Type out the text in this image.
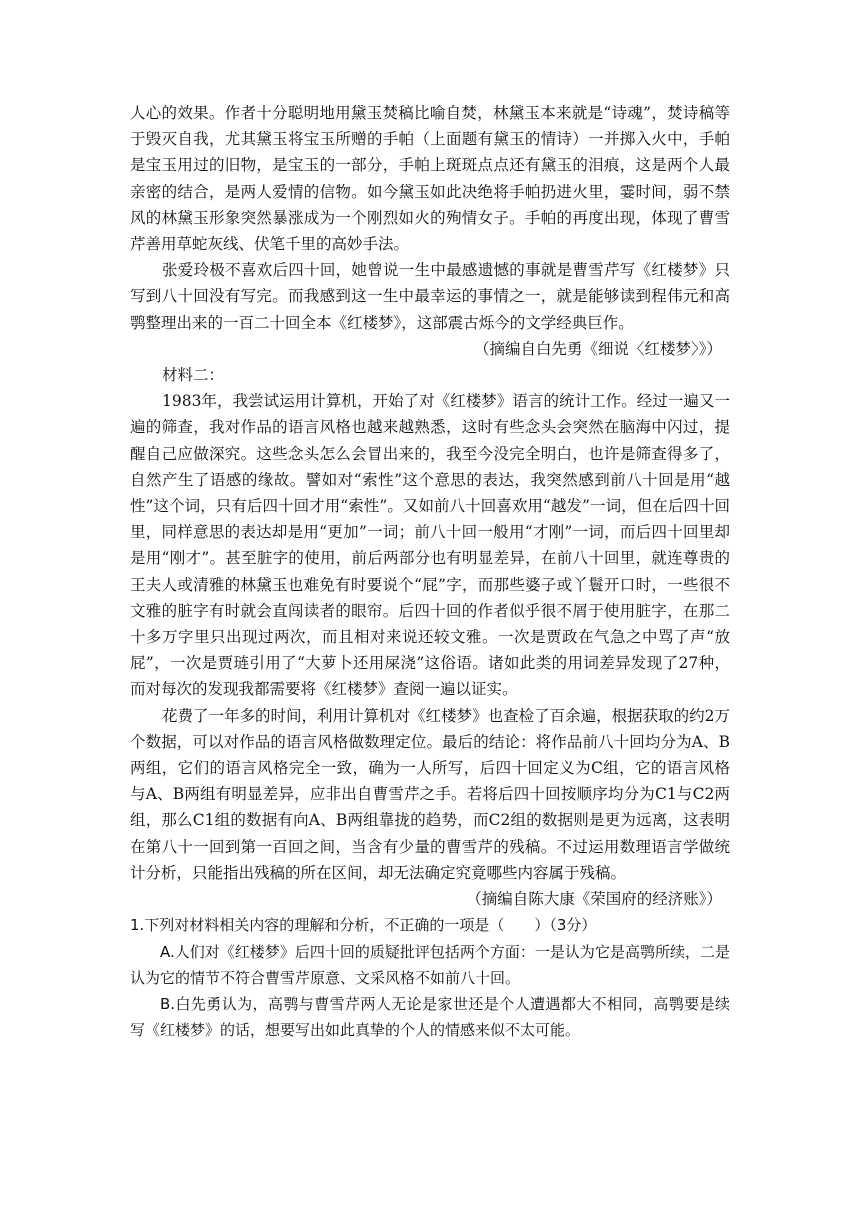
人心的效果。作者十分聪明地用黛玉焚稿比喻自焚，林黛玉本来就是“诗魂”，焚诗稿等于毁灭自我，尤其黛玉将宝玉所赠的手帕（上面题有黛玉的情诗）一并掷入火中，手帕是宝玉用过的旧物，是宝玉的一部分，手帕上斑斑点点还有黛玉的泪痕，这是两个人最亲密的结合，是两人爱情的信物。如今黛玉如此决绝将手帕扔进火里，霎时间，弱不禁风的林黛玉形象突然暴涨成为一个刚烈如火的殉情女子。手帕的再度出现，体现了曹雪芹善用草蛇灰线、伏笔千里的高妙手法。

张爱玲极不喜欢后四十回，她曾说一生中最感遗憾的事就是曹雪芹写《红楼梦》只写到八十回没有写完。而我感到这一生中最幸运的事情之一，就是能够读到程伟元和高鹗整理出来的一百二十回全本《红楼梦》，这部震古烁今的文学经典巨作。

（摘编自白先勇《细说〈红楼梦〉》）

材料二：

1983年，我尝试运用计算机，开始了对《红楼梦》语言的统计工作。经过一遍又一遍的筛查，我对作品的语言风格也越来越熟悉，这时有些念头会突然在脑海中闪过，提醒自己应做深究。这些念头怎么会冒出来的，我至今没完全明白，也许是筛查得多了，自然产生了语感的缘故。譬如对“索性”这个意思的表达，我突然感到前八十回是用“越性”这个词，只有后四十回才用“索性”。又如前八十回喜欢用“越发”一词，但在后四十回里，同样意思的表达却是用“更加”一词；前八十回一般用“才刚”一词，而后四十回里却是用“刚才”。甚至脏字的使用，前后两部分也有明显差异，在前八十回里，就连尊贵的王夫人或清雅的林黛玉也难免有时要说个“屁”字，而那些婆子或丫鬟开口时，一些很不文雅的脏字有时就会直闯读者的眼帘。后四十回的作者似乎很不屑于使用脏字，在那二十多万字里只出现过两次，而且相对来说还较文雅。一次是贾政在气急之中骂了声“放屁”，一次是贾琏引用了“大萝卜还用屎浇”这俗语。诸如此类的用词差异发现了27种，而对每次的发现我都需要将《红楼梦》查阅一遍以证实。

花费了一年多的时间，利用计算机对《红楼梦》也查检了百余遍，根据获取的约2万个数据，可以对作品的语言风格做数理定位。最后的结论：将作品前八十回均分为A、B两组，它们的语言风格完全一致，确为一人所写，后四十回定义为C组，它的语言风格与A、B两组有明显差异，应非出自曹雪芹之手。若将后四十回按顺序均分为C1与C2两组，那么C1组的数据有向A、B两组靠拢的趋势，而C2组的数据则是更为远离，这表明在第八十一回到第一百回之间，当含有少量的曹雪芹的残稿。不过运用数理语言学做统计分析，只能指出残稿的所在区间，却无法确定究竟哪些内容属于残稿。

（摘编自陈大康《荣国府的经济账》）

1.下列对材料相关内容的理解和分析，不正确的一项是（　　）（3分）

A.人们对《红楼梦》后四十回的质疑批评包括两个方面：一是认为它是高鹗所续，二是认为它的情节不符合曹雪芹原意、文采风格不如前八十回。

B.白先勇认为，高鹗与曹雪芹两人无论是家世还是个人遭遇都大不相同，高鹗要是续写《红楼梦》的话，想要写出如此真挚的个人的情感来似不太可能。
